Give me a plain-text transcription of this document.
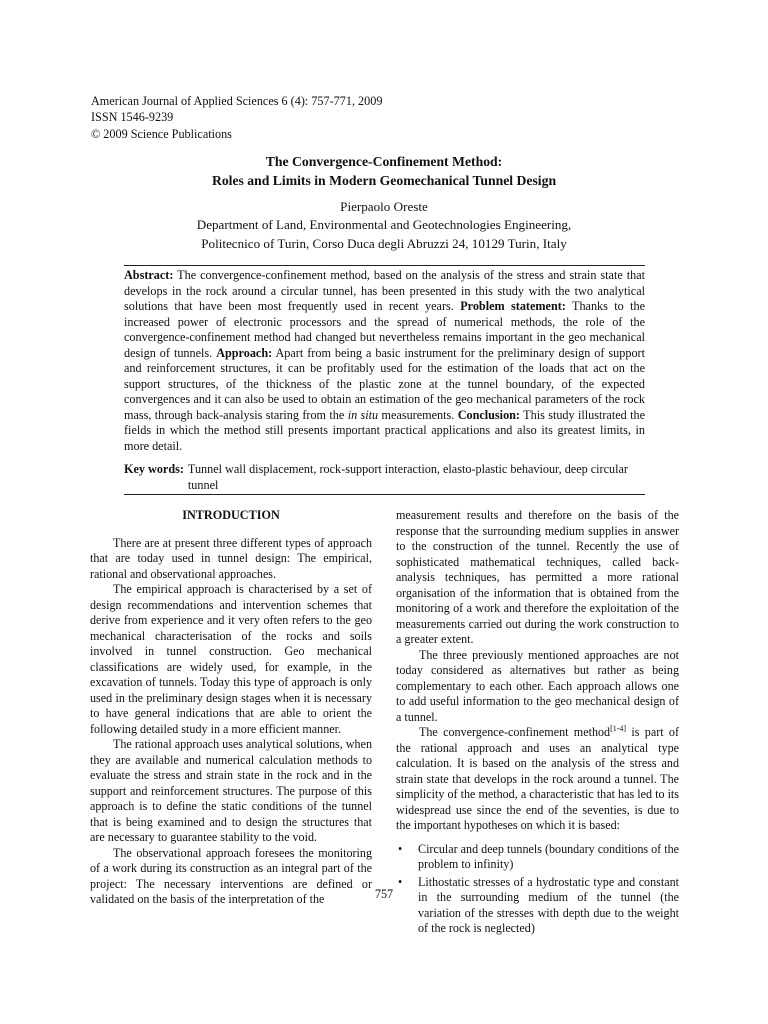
American Journal of Applied Sciences 6 (4): 757-771, 2009
ISSN 1546-9239
© 2009 Science Publications
The Convergence-Confinement Method:
Roles and Limits in Modern Geomechanical Tunnel Design
Pierpaolo Oreste
Department of Land, Environmental and Geotechnologies Engineering,
Politecnico of Turin, Corso Duca degli Abruzzi 24, 10129 Turin, Italy
Abstract: The convergence-confinement method, based on the analysis of the stress and strain state that develops in the rock around a circular tunnel, has been presented in this study with the two analytical solutions that have been most frequently used in recent years. Problem statement: Thanks to the increased power of electronic processors and the spread of numerical methods, the role of the convergence-confinement method had changed but nevertheless remains important in the geo mechanical design of tunnels. Approach: Apart from being a basic instrument for the preliminary design of support and reinforcement structures, it can be profitably used for the estimation of the loads that act on the support structures, of the thickness of the plastic zone at the tunnel boundary, of the expected convergences and it can also be used to obtain an estimation of the geo mechanical parameters of the rock mass, through back-analysis staring from the in situ measurements. Conclusion: This study illustrated the fields in which the method still presents important practical applications and also its greatest limits, in more detail.
Key words: Tunnel wall displacement, rock-support interaction, elasto-plastic behaviour, deep circular tunnel
INTRODUCTION

There are at present three different types of approach that are today used in tunnel design: The empirical, rational and observational approaches.

The empirical approach is characterised by a set of design recommendations and intervention schemes that derive from experience and it very often refers to the geo mechanical characterisation of the rocks and soils involved in tunnel construction. Geo mechanical classifications are widely used, for example, in the excavation of tunnels. Today this type of approach is only used in the preliminary design stages when it is necessary to have general indications that are able to orient the following detailed study in a more efficient manner.

The rational approach uses analytical solutions, when they are available and numerical calculation methods to evaluate the stress and strain state in the rock and in the support and reinforcement structures. The purpose of this approach is to define the static conditions of the tunnel that is being examined and to design the structures that are necessary to guarantee stability to the void.

The observational approach foresees the monitoring of a work during its construction as an integral part of the project: The necessary interventions are defined or validated on the basis of the interpretation of the

measurement results and therefore on the basis of the response that the surrounding medium supplies in answer to the construction of the tunnel. Recently the use of sophisticated mathematical techniques, called back-analysis techniques, has permitted a more rational organisation of the information that is obtained from the monitoring of a work and therefore the exploitation of the measurements carried out during the work construction to a greater extent.

The three previously mentioned approaches are not today considered as alternatives but rather as being complementary to each other. Each approach allows one to add useful information to the geo mechanical design of a tunnel.

The convergence-confinement method[1-4] is part of the rational approach and uses an analytical type calculation. It is based on the analysis of the stress and strain state that develops in the rock around a tunnel. The simplicity of the method, a characteristic that has led to its widespread use since the end of the seventies, is due to the important hypotheses on which it is based:

• Circular and deep tunnels (boundary conditions of the problem to infinity)
• Lithostatic stresses of a hydrostatic type and constant in the surrounding medium of the tunnel (the variation of the stresses with depth due to the weight of the rock is neglected)
757
